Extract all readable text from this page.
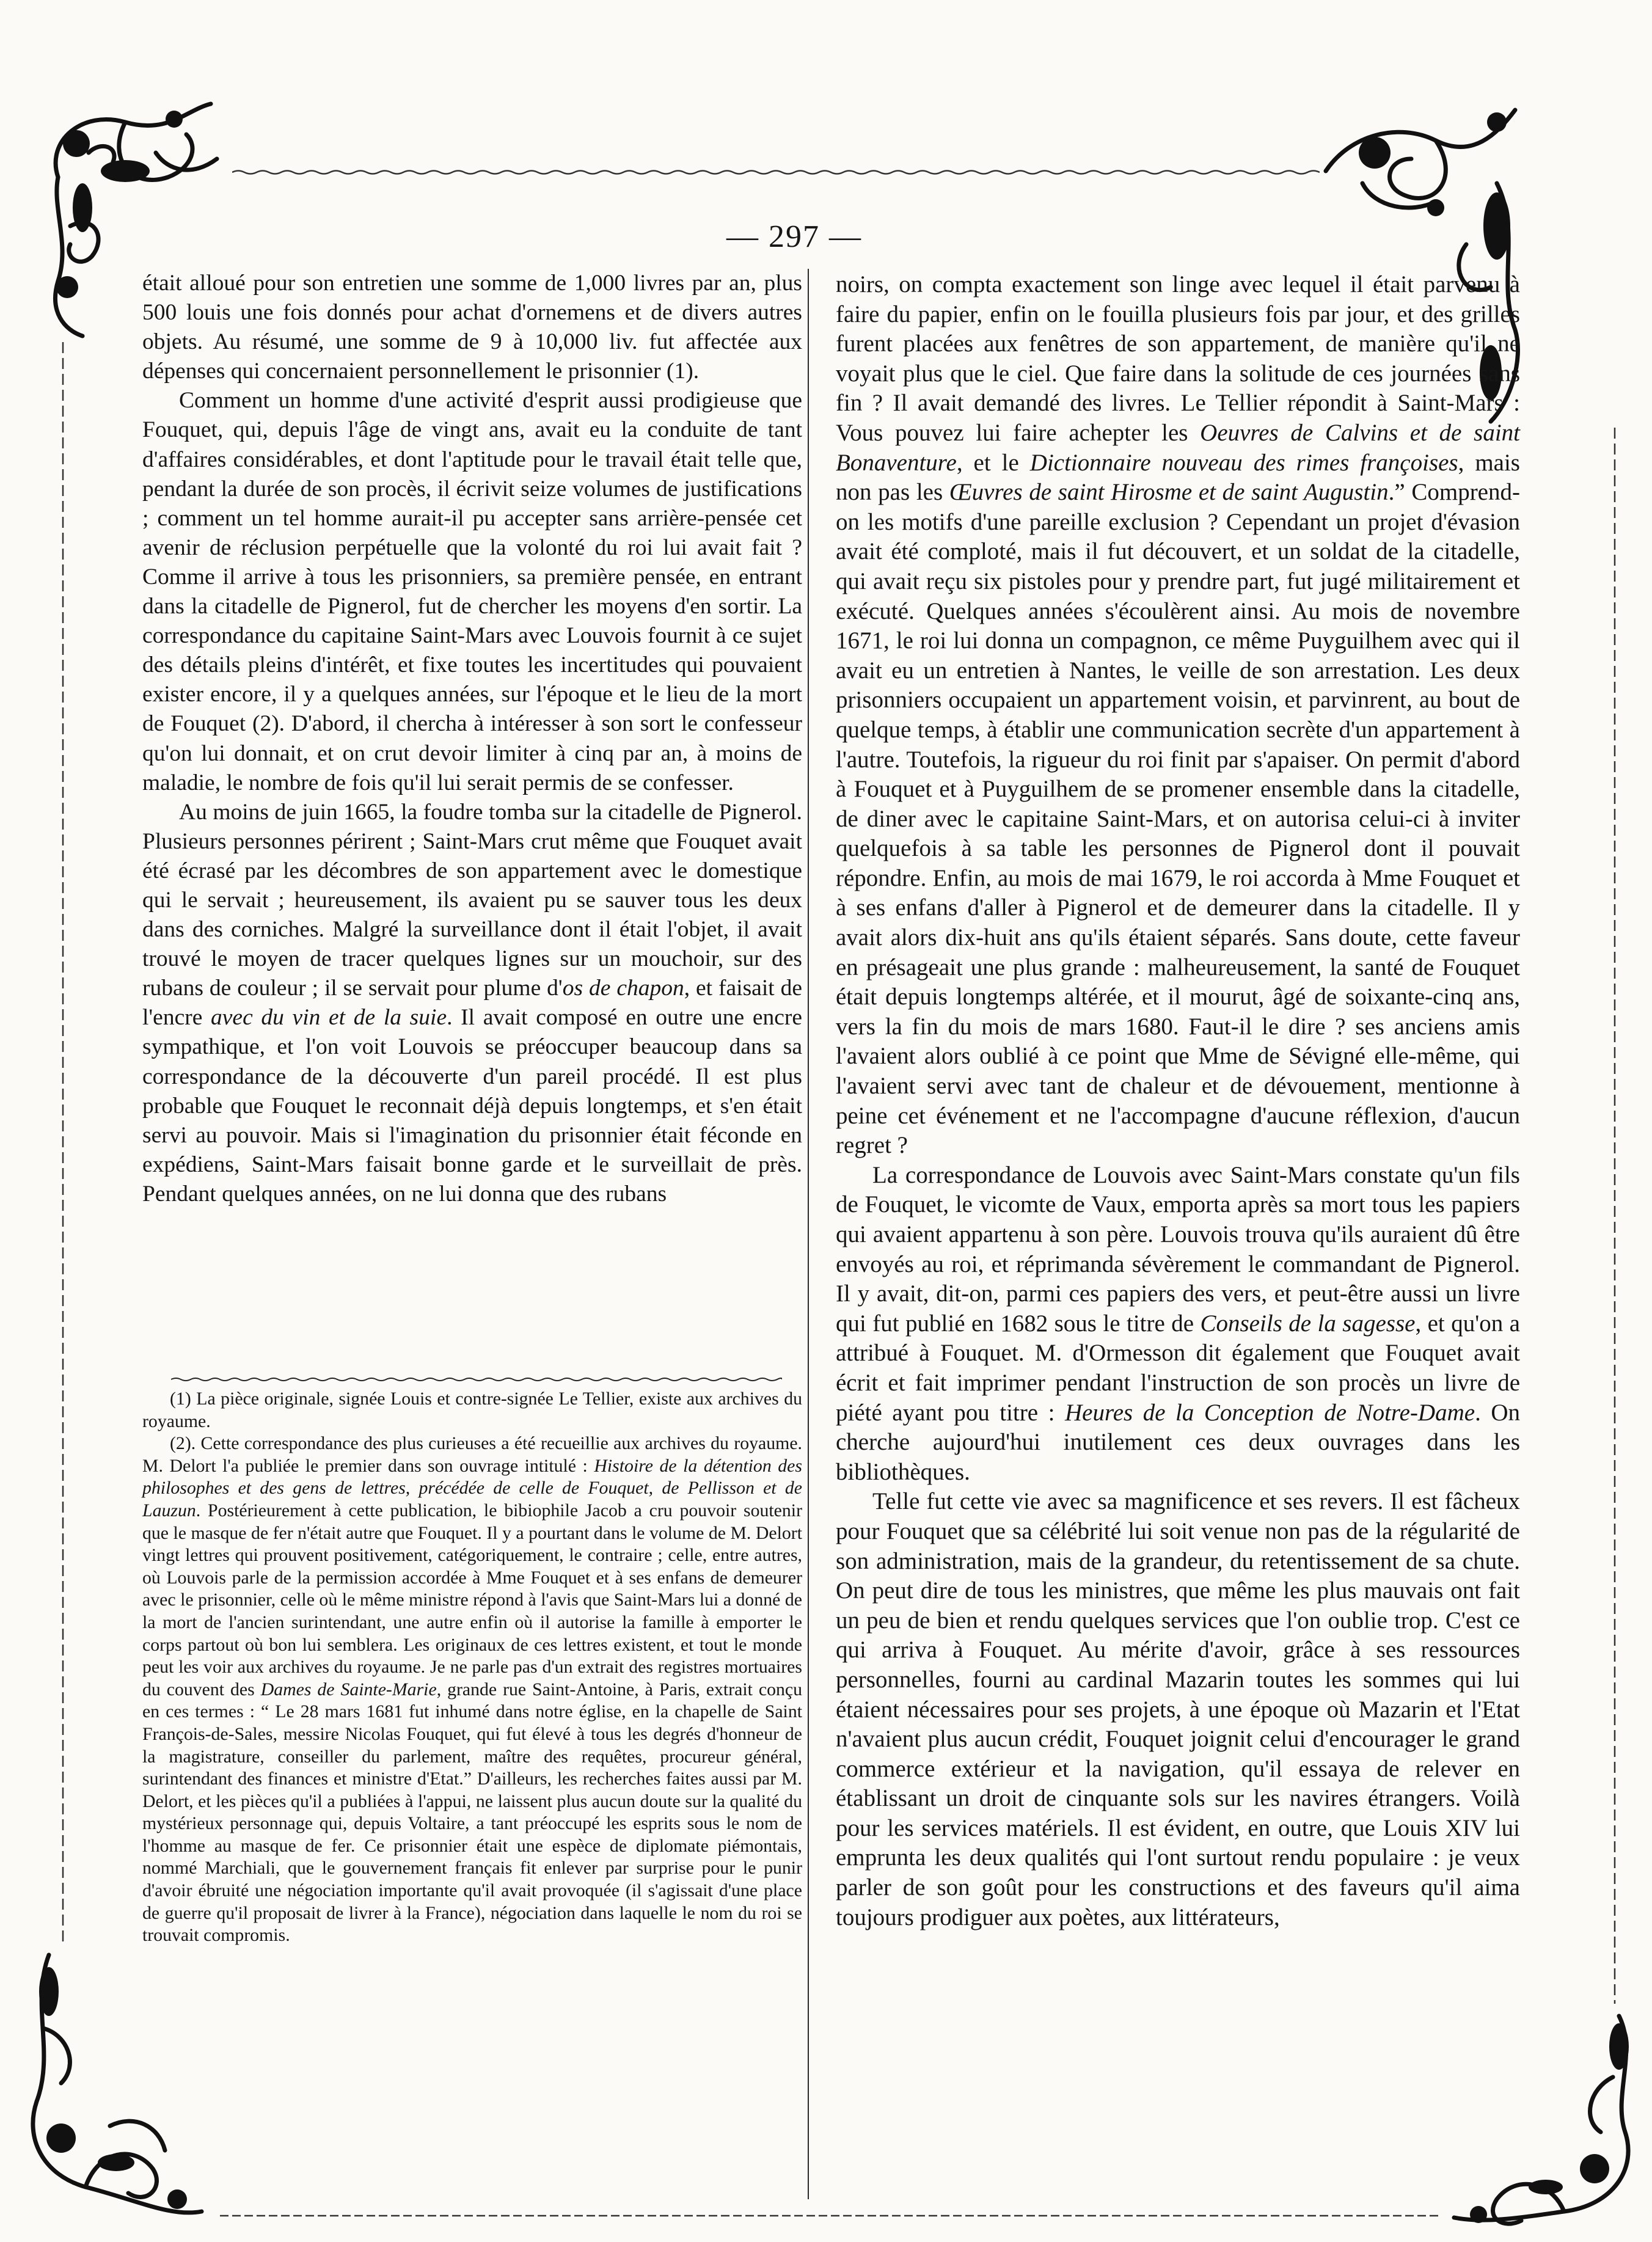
— 297 —

était alloué pour son entretien une somme de 1,000 livres par an, plus 500 louis une fois donnés pour achat d'ornemens et de divers autres objets. Au résumé, une somme de 9 à 10,000 liv. fut affectée aux dépenses qui concernaient personnellement le prisonnier (1).

Comment un homme d'une activité d'esprit aussi prodigieuse que Fouquet, qui, depuis l'âge de vingt ans, avait eu la conduite de tant d'affaires considérables, et dont l'aptitude pour le travail était telle que, pendant la durée de son procès, il écrivit seize volumes de justifications ; comment un tel homme aurait-il pu accepter sans arrière-pensée cet avenir de réclusion perpétuelle que la volonté du roi lui avait fait ? Comme il arrive à tous les prisonniers, sa première pensée, en entrant dans la citadelle de Pignerol, fut de chercher les moyens d'en sortir. La correspondance du capitaine Saint-Mars avec Louvois fournit à ce sujet des détails pleins d'intérêt, et fixe toutes les incertitudes qui pouvaient exister encore, il y a quelques années, sur l'époque et le lieu de la mort de Fouquet (2). D'abord, il chercha à intéresser à son sort le confesseur qu'on lui donnait, et on crut devoir limiter à cinq par an, à moins de maladie, le nombre de fois qu'il lui serait permis de se confesser.

Au moins de juin 1665, la foudre tomba sur la citadelle de Pignerol. Plusieurs personnes périrent ; Saint-Mars crut même que Fouquet avait été écrasé par les décombres de son appartement avec le domestique qui le servait ; heureusement, ils avaient pu se sauver tous les deux dans des corniches. Malgré la surveillance dont il était l'objet, il avait trouvé le moyen de tracer quelques lignes sur un mouchoir, sur des rubans de couleur ; il se servait pour plume d'os de chapon, et faisait de l'encre avec du vin et de la suie. Il avait composé en outre une encre sympathique, et l'on voit Louvois se préoccuper beaucoup dans sa correspondance de la découverte d'un pareil procédé. Il est plus probable que Fouquet le reconnait déjà depuis longtemps, et s'en était servi au pouvoir. Mais si l'imagination du prisonnier était féconde en expédiens, Saint-Mars faisait bonne garde et le surveillait de près. Pendant quelques années, on ne lui donna que des rubans

(1) La pièce originale, signée Louis et contre-signée Le Tellier, existe aux archives du royaume.

(2). Cette correspondance des plus curieuses a été recueillie aux archives du royaume. M. Delort l'a publiée le premier dans son ouvrage intitulé : Histoire de la détention des philosophes et des gens de lettres, précédée de celle de Fouquet, de Pellisson et de Lauzun. Postérieurement à cette publication, le bibiophile Jacob a cru pouvoir soutenir que le masque de fer n'était autre que Fouquet. Il y a pourtant dans le volume de M. Delort vingt lettres qui prouvent positivement, catégoriquement, le contraire ; celle, entre autres, où Louvois parle de la permission accordée à Mme Fouquet et à ses enfans de demeurer avec le prisonnier, celle où le même ministre répond à l'avis que Saint-Mars lui a donné de la mort de l'ancien surintendant, une autre enfin où il autorise la famille à emporter le corps partout où bon lui semblera. Les originaux de ces lettres existent, et tout le monde peut les voir aux archives du royaume. Je ne parle pas d'un extrait des registres mortuaires du couvent des Dames de Sainte-Marie, grande rue Saint-Antoine, à Paris, extrait conçu en ces termes : “ Le 28 mars 1681 fut inhumé dans notre église, en la chapelle de Saint François-de-Sales, messire Nicolas Fouquet, qui fut élevé à tous les degrés d'honneur de la magistrature, conseiller du parlement, maître des requêtes, procureur général, surintendant des finances et ministre d'Etat.” D'ailleurs, les recherches faites aussi par M. Delort, et les pièces qu'il a publiées à l'appui, ne laissent plus aucun doute sur la qualité du mystérieux personnage qui, depuis Voltaire, a tant préoccupé les esprits sous le nom de l'homme au masque de fer. Ce prisonnier était une espèce de diplomate piémontais, nommé Marchiali, que le gouvernement français fit enlever par surprise pour le punir d'avoir ébruité une négociation importante qu'il avait provoquée (il s'agissait d'une place de guerre qu'il proposait de livrer à la France), négociation dans laquelle le nom du roi se trouvait compromis.

noirs, on compta exactement son linge avec lequel il était parvenu à faire du papier, enfin on le fouilla plusieurs fois par jour, et des grilles furent placées aux fenêtres de son appartement, de manière qu'il ne voyait plus que le ciel. Que faire dans la solitude de ces journées sans fin ? Il avait demandé des livres. Le Tellier répondit à Saint-Mars : Vous pouvez lui faire achepter les Oeuvres de Calvins et de saint Bonaventure, et le Dictionnaire nouveau des rimes françoises, mais non pas les Œuvres de saint Hirosme et de saint Augustin.” Comprend-on les motifs d'une pareille exclusion ? Cependant un projet d'évasion avait été comploté, mais il fut découvert, et un soldat de la citadelle, qui avait reçu six pistoles pour y prendre part, fut jugé militairement et exécuté. Quelques années s'écoulèrent ainsi. Au mois de novembre 1671, le roi lui donna un compagnon, ce même Puyguilhem avec qui il avait eu un entretien à Nantes, le veille de son arrestation. Les deux prisonniers occupaient un appartement voisin, et parvinrent, au bout de quelque temps, à établir une communication secrète d'un appartement à l'autre. Toutefois, la rigueur du roi finit par s'apaiser. On permit d'abord à Fouquet et à Puyguilhem de se promener ensemble dans la citadelle, de diner avec le capitaine Saint-Mars, et on autorisa celui-ci à inviter quelquefois à sa table les personnes de Pignerol dont il pouvait répondre. Enfin, au mois de mai 1679, le roi accorda à Mme Fouquet et à ses enfans d'aller à Pignerol et de demeurer dans la citadelle. Il y avait alors dix-huit ans qu'ils étaient séparés. Sans doute, cette faveur en présageait une plus grande : malheureusement, la santé de Fouquet était depuis longtemps altérée, et il mourut, âgé de soixante-cinq ans, vers la fin du mois de mars 1680. Faut-il le dire ? ses anciens amis l'avaient alors oublié à ce point que Mme de Sévigné elle-même, qui l'avaient servi avec tant de chaleur et de dévouement, mentionne à peine cet événement et ne l'accompagne d'aucune réflexion, d'aucun regret ?

La correspondance de Louvois avec Saint-Mars constate qu'un fils de Fouquet, le vicomte de Vaux, emporta après sa mort tous les papiers qui avaient appartenu à son père. Louvois trouva qu'ils auraient dû être envoyés au roi, et réprimanda sévèrement le commandant de Pignerol. Il y avait, dit-on, parmi ces papiers des vers, et peut-être aussi un livre qui fut publié en 1682 sous le titre de Conseils de la sagesse, et qu'on a attribué à Fouquet. M. d'Ormesson dit également que Fouquet avait écrit et fait imprimer pendant l'instruction de son procès un livre de piété ayant pou titre : Heures de la Conception de Notre-Dame. On cherche aujourd'hui inutilement ces deux ouvrages dans les bibliothèques.

Telle fut cette vie avec sa magnificence et ses revers. Il est fâcheux pour Fouquet que sa célébrité lui soit venue non pas de la régularité de son administration, mais de la grandeur, du retentissement de sa chute. On peut dire de tous les ministres, que même les plus mauvais ont fait un peu de bien et rendu quelques services que l'on oublie trop. C'est ce qui arriva à Fouquet. Au mérite d'avoir, grâce à ses ressources personnelles, fourni au cardinal Mazarin toutes les sommes qui lui étaient nécessaires pour ses projets, à une époque où Mazarin et l'Etat n'avaient plus aucun crédit, Fouquet joignit celui d'encourager le grand commerce extérieur et la navigation, qu'il essaya de relever en établissant un droit de cinquante sols sur les navires étrangers. Voilà pour les services matériels. Il est évident, en outre, que Louis XIV lui emprunta les deux qualités qui l'ont surtout rendu populaire : je veux parler de son goût pour les constructions et des faveurs qu'il aima toujours prodiguer aux poètes, aux littérateurs,
